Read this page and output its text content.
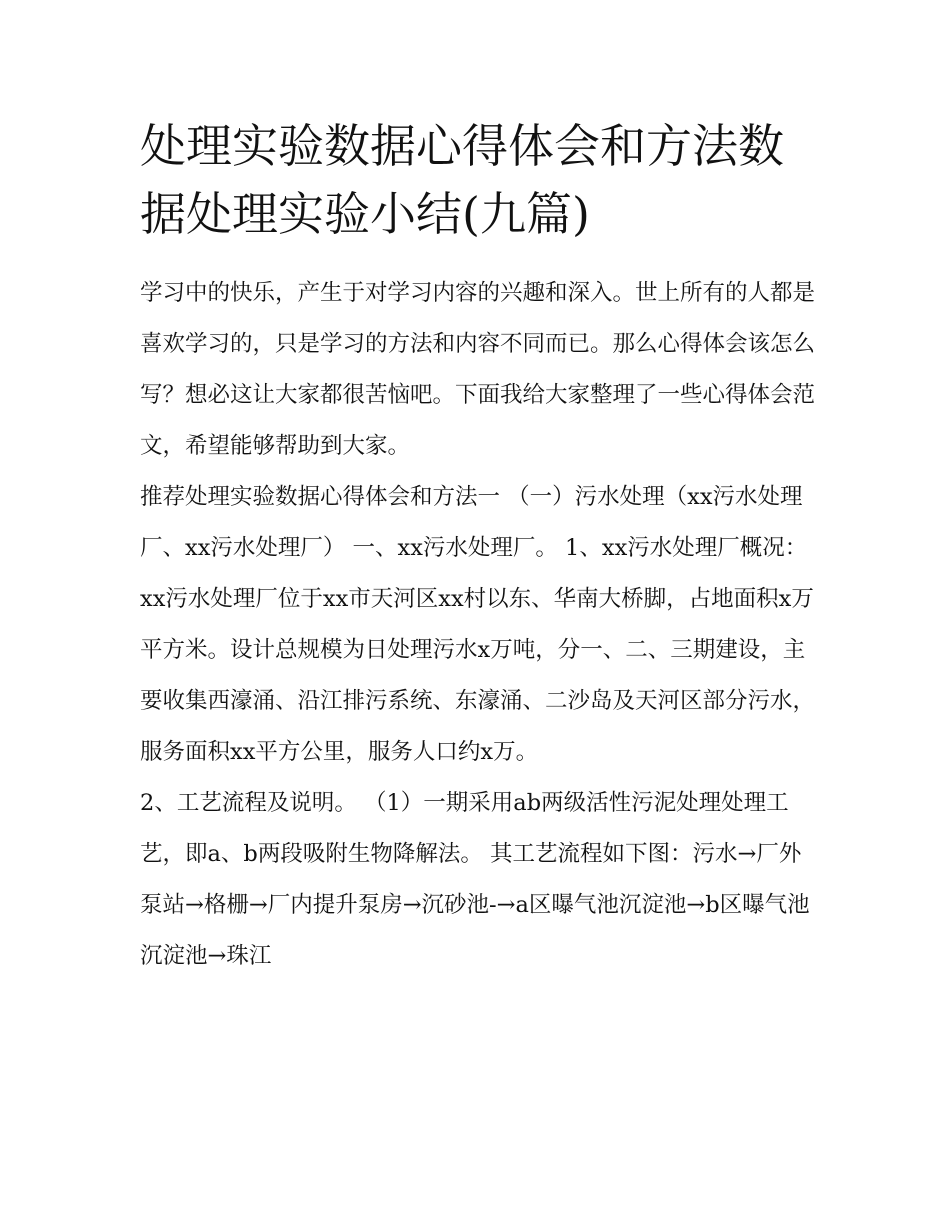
处理实验数据心得体会和方法数据处理实验小结(九篇)

学习中的快乐，产生于对学习内容的兴趣和深入。世上所有的人都是喜欢学习的，只是学习的方法和内容不同而已。那么心得体会该怎么写？想必这让大家都很苦恼吧。下面我给大家整理了一些心得体会范文，希望能够帮助到大家。

推荐处理实验数据心得体会和方法一 （一）污水处理（xx污水处理厂、xx污水处理厂） 一、xx污水处理厂。 1、xx污水处理厂概况：

xx污水处理厂位于xx市天河区xx村以东、华南大桥脚，占地面积x万平方米。设计总规模为日处理污水x万吨，分一、二、三期建设，主要收集西濠涌、沿江排污系统、东濠涌、二沙岛及天河区部分污水，服务面积xx平方公里，服务人口约x万。

2、工艺流程及说明。 （1）一期采用ab两级活性污泥处理处理工艺，即a、b两段吸附生物降解法。 其工艺流程如下图：污水→厂外泵站→格栅→厂内提升泵房→沉砂池-→a区曝气池沉淀池→b区曝气池沉淀池→珠江
